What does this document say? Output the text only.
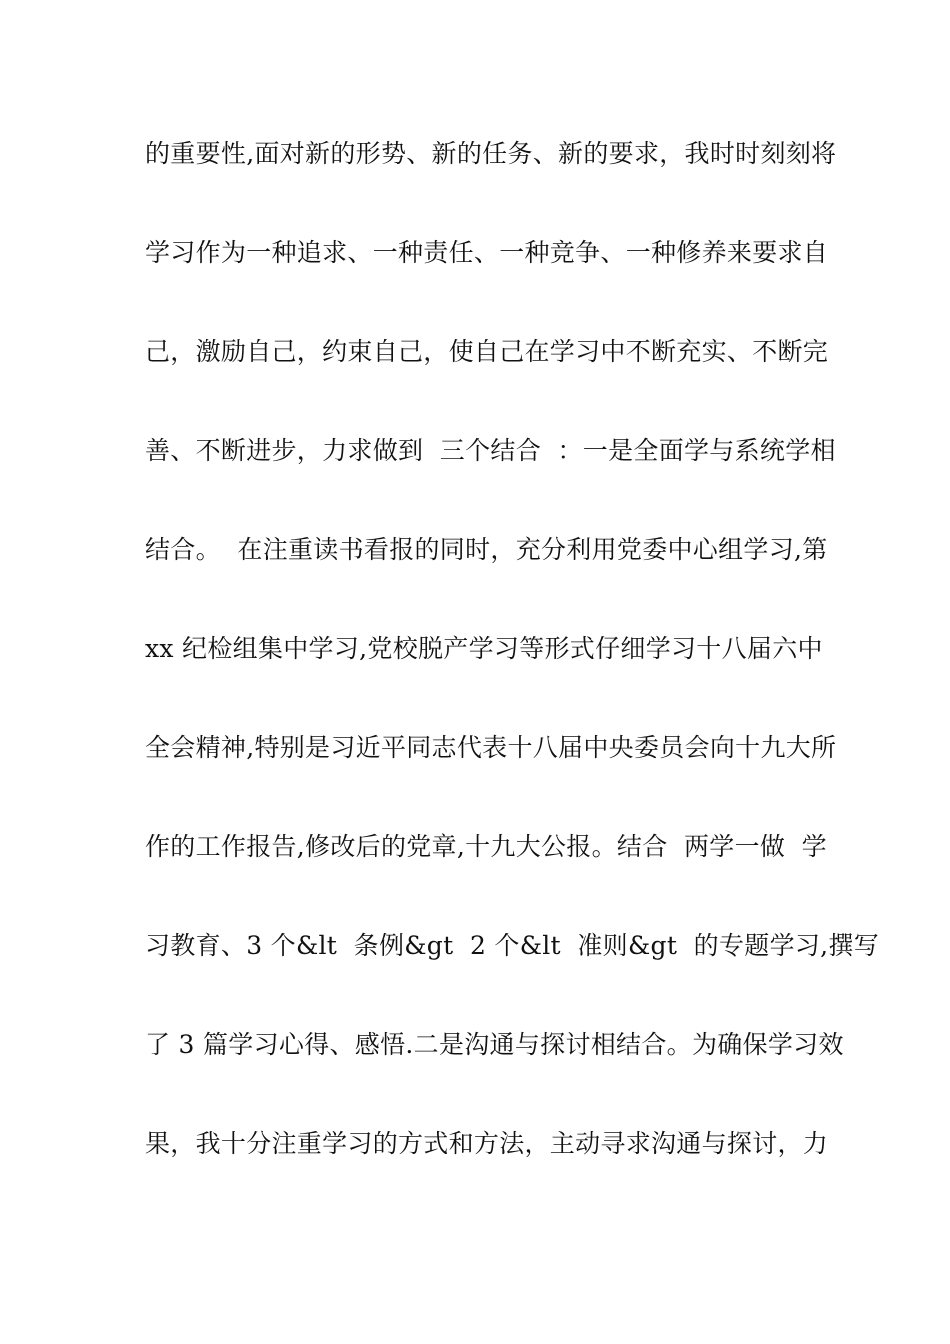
的重要性,面对新的形势、新的任务、新的要求，我时时刻刻将
学习作为一种追求、一种责任、一种竞争、一种修养来要求自
己，激励自己，约束自己，使自己在学习中不断充实、不断完
善、不断进步，力求做到  三个结合  ：一是全面学与系统学相
结合。  在注重读书看报的同时，充分利用党委中心组学习,第
xx 纪检组集中学习,党校脱产学习等形式仔细学习十八届六中
全会精神,特别是习近平同志代表十八届中央委员会向十九大所
作的工作报告,修改后的党章,十九大公报。结合  两学一做  学
习教育、3 个&lt  条例&gt  2 个&lt  准则&gt  的专题学习,撰写
了 3 篇学习心得、感悟.二是沟通与探讨相结合。为确保学习效
果，我十分注重学习的方式和方法，主动寻求沟通与探讨，力
